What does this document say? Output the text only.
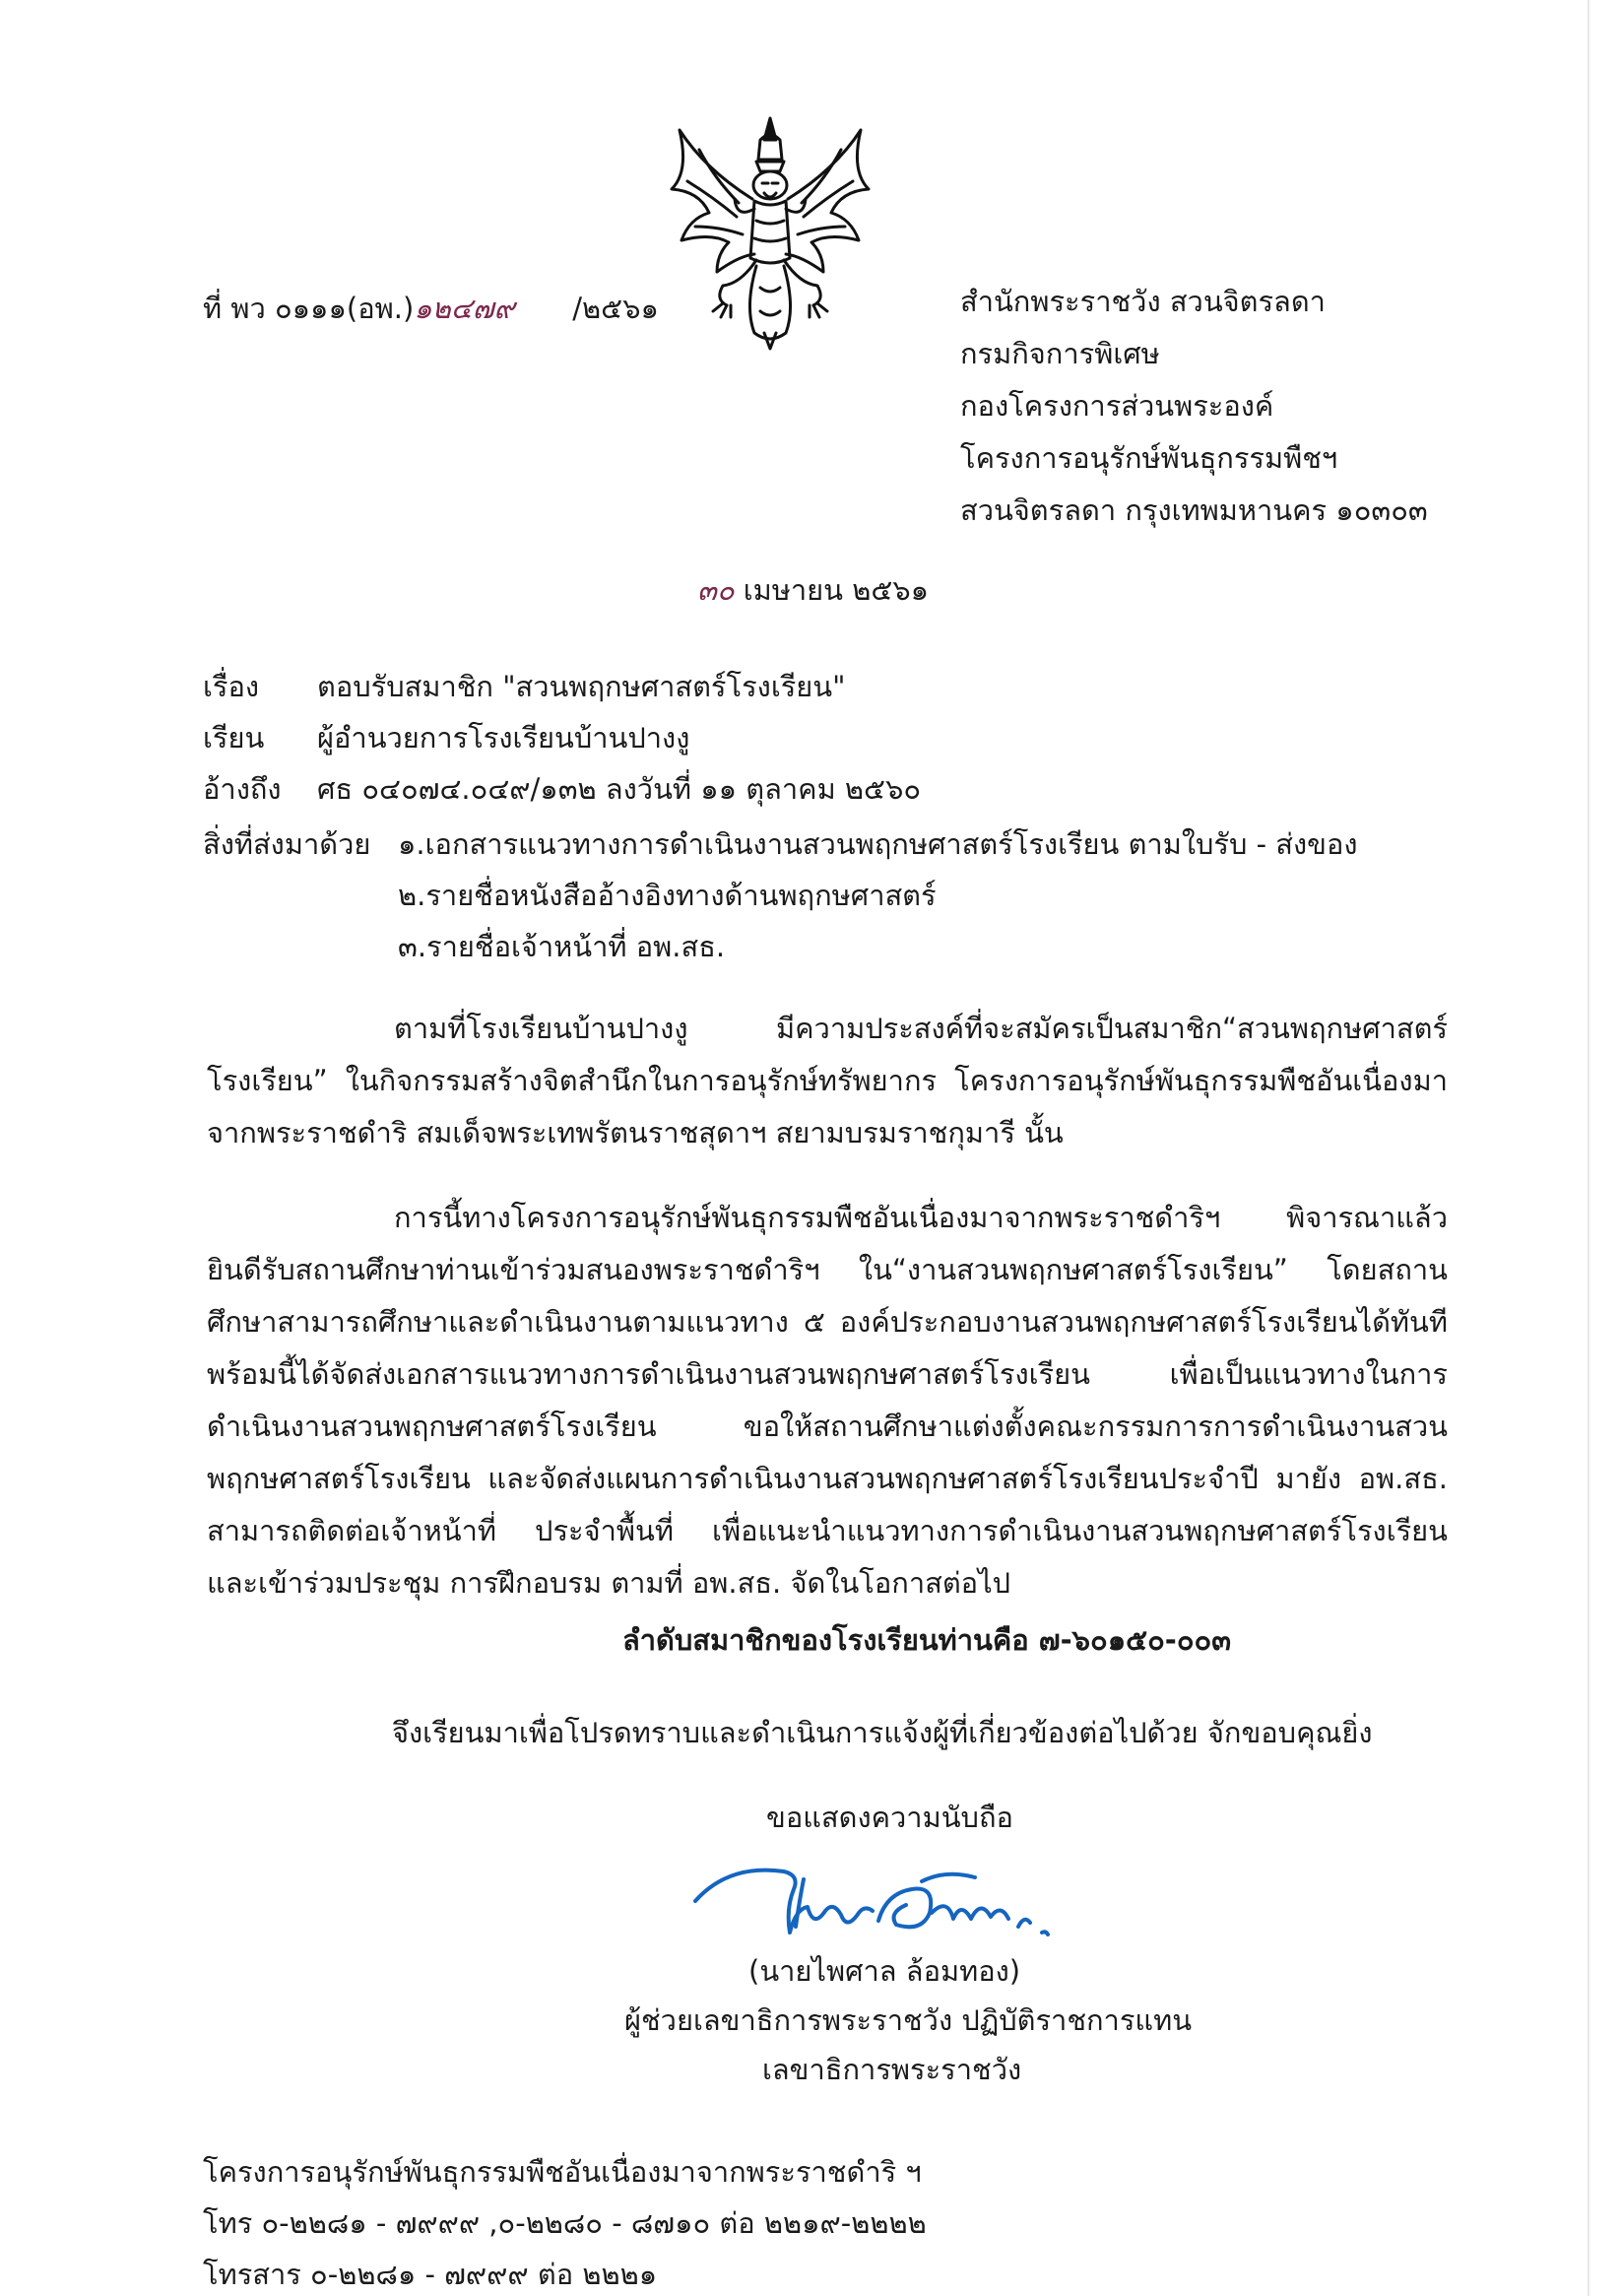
ที่ พว ๐๑๑๑(อพ.)๑๒๔๗๙ /๒๕๖๑	สำนักพระราชวัง สวนจิตรลดา
กรมกิจการพิเศษ
กองโครงการส่วนพระองค์
โครงการอนุรักษ์พันธุกรรมพืชฯ
สวนจิตรลดา กรุงเทพมหานคร ๑๐๓๐๓
๓๐ เมษายน ๒๕๖๑
เรื่อง ตอบรับสมาชิก "สวนพฤกษศาสตร์โรงเรียน"
เรียน ผู้อำนวยการโรงเรียนบ้านปางงู
อ้างถึง ศธ ๐๔๐๗๔.๐๔๙/๑๓๒ ลงวันที่ ๑๑ ตุลาคม ๒๕๖๐
สิ่งที่ส่งมาด้วย ๑.เอกสารแนวทางการดำเนินงานสวนพฤกษศาสตร์โรงเรียน ตามใบรับ - ส่งของ
๒.รายชื่อหนังสืออ้างอิงทางด้านพฤกษศาสตร์
๓.รายชื่อเจ้าหน้าที่ อพ.สธ.
ตามที่โรงเรียนบ้านปางงู มีความประสงค์ที่จะสมัครเป็นสมาชิก“สวนพฤกษศาสตร์โรงเรียน” ในกิจกรรมสร้างจิตสำนึกในการอนุรักษ์ทรัพยากร โครงการอนุรักษ์พันธุกรรมพืชอันเนื่องมาจากพระราชดำริ สมเด็จพระเทพรัตนราชสุดาฯ สยามบรมราชกุมารี นั้น
การนี้ทางโครงการอนุรักษ์พันธุกรรมพืชอันเนื่องมาจากพระราชดำริฯ พิจารณาแล้ว ยินดีรับสถานศึกษาท่านเข้าร่วมสนองพระราชดำริฯ ใน“งานสวนพฤกษศาสตร์โรงเรียน” โดยสถานศึกษาสามารถศึกษาและดำเนินงานตามแนวทาง ๕ องค์ประกอบงานสวนพฤกษศาสตร์โรงเรียนได้ทันที พร้อมนี้ได้จัดส่งเอกสารแนวทางการดำเนินงานสวนพฤกษศาสตร์โรงเรียน เพื่อเป็นแนวทางในการดำเนินงานสวนพฤกษศาสตร์โรงเรียน ขอให้สถานศึกษาแต่งตั้งคณะกรรมการการดำเนินงานสวนพฤกษศาสตร์โรงเรียน และจัดส่งแผนการดำเนินงานสวนพฤกษศาสตร์โรงเรียนประจำปี มายัง อพ.สธ. สามารถติดต่อเจ้าหน้าที่ ประจำพื้นที่ เพื่อแนะนำแนวทางการดำเนินงานสวนพฤกษศาสตร์โรงเรียน และเข้าร่วมประชุม การฝึกอบรม ตามที่ อพ.สธ. จัดในโอกาสต่อไป
ลำดับสมาชิกของโรงเรียนท่านคือ ๗-๖๐๑๕๐-๐๐๓
จึงเรียนมาเพื่อโปรดทราบและดำเนินการแจ้งผู้ที่เกี่ยวข้องต่อไปด้วย จักขอบคุณยิ่ง
ขอแสดงความนับถือ
(นายไพศาล ล้อมทอง)
ผู้ช่วยเลขาธิการพระราชวัง ปฏิบัติราชการแทน
เลขาธิการพระราชวัง
โครงการอนุรักษ์พันธุกรรมพืชอันเนื่องมาจากพระราชดำริ ฯ
โทร ๐-๒๒๘๑ - ๗๙๙๙ ,๐-๒๒๘๐ - ๘๗๑๐ ต่อ ๒๒๑๙-๒๒๒๒
โทรสาร ๐-๒๒๘๑ - ๗๙๙๙ ต่อ ๒๒๒๑
